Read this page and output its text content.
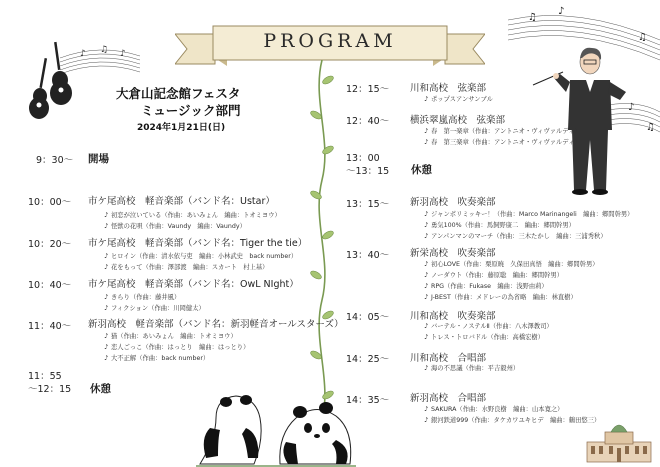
PROGRAM
♪ ♫ ♪
大倉山記念館フェスタ
ミュージック部門
2024年1月21日(日)
♫
♪
♫
♪
♫
9：30～ 開場
10：00～ 市ケ尾高校　軽音楽部（バンド名：Ustar）
♪ 初恋が泣いている（作曲：あいみょん　編曲：トオミヨウ）
♪ 怪獣の花唄（作曲：Vaundy　編曲：Vaundy）
10：20～ 市ケ尾高校　軽音楽部（バンド名：Tiger the tie）
♪ ヒロイン（作曲：清水依与吏　編曲：小林武史　back number）
♪ 花をもって（作曲：澤部渡　編曲：スカート　村上基）
10：40～ 市ケ尾高校　軽音楽部（バンド名：OwL NIght）
♪ きらり（作曲：藤井風）
♪ フィクション（作曲：川岡健太）
11：40～ 新羽高校　軽音楽部（バンド名：新羽軽音オールスターズ）
♪ 猫（作曲：あいみょん　編曲：トオミヨウ）
♪ 恋人ごっこ（作曲：はっとり　編曲：はっとり）
♪ 大不正解（作曲：back number）
11：55
～12：15 休憩
12：15～ 川和高校　弦楽部
♪ ポップスアンサンブル
12：40～ 横浜翠嵐高校　弦楽部
♪ 春　第一楽章（作曲：アントニオ・ヴィヴァルディ）
♪ 春　第三楽章（作曲：アントニオ・ヴィヴァルディ）
13：00
～13：15 休憩
13：15～ 新羽高校　吹奏楽部
♪ ジャンボリミッキー！（作曲：Marco Marinangeli　編曲：郷間幹男）
♪ 勇気100%（作曲：馬飼野康二　編曲：郷間幹男）
♪ アンパンマンのマーチ（作曲：三木たかし　編曲：三浦秀秋）
13：40～ 新栄高校　吹奏楽部
♪ 初心LOVE（作曲：栗原暁　久保田真悟　編曲：郷間幹男）
♪ ノーダウト（作曲：藤原聡　編曲：郷間幹男）
♪ RPG（作曲：Fukase　編曲：浅野由莉）
♪ J-BEST（作曲：メドレーの為省略　編曲：林直樹）
14：05～ 川和高校　吹奏楽部
♪ バーテル・ノステルⅡ（作曲：八木澤教司）
♪ トレス・トロバドル（作曲：高橋宏樹）
14：25～ 川和高校　合唱部
♪ 海の不思議（作曲：平吉毅州）
14：35～ 新羽高校　合唱部
♪ SAKURA（作曲：水野良樹　編曲：山本寛之）
♪ 銀河鉄道999（作曲：タケカワユキヒデ　編曲：鶴田悠三）
